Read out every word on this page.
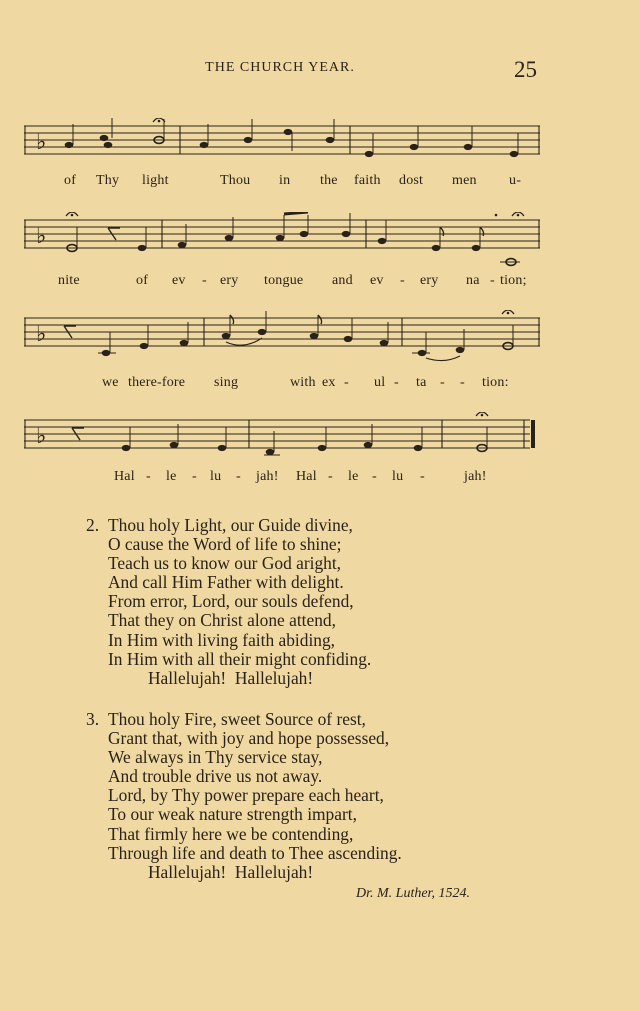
THE CHURCH YEAR.	25
♭
of Thy light	Thou in the faith dost men u-
♭
nite	of ev - ery tongue and ev - ery na - tion;
♭
we there-fore sing	with ex - ul - ta - - tion:
♭
Hal - le - lu - jah! Hal - le - lu -	jah!
2. Thou holy Light, our Guide divine,
O cause the Word of life to shine;
Teach us to know our God aright,
And call Him Father with delight.
From error, Lord, our souls defend,
That they on Christ alone attend,
In Him with living faith abiding,
In Him with all their might confiding.
Hallelujah!  Hallelujah!
3. Thou holy Fire, sweet Source of rest,
Grant that, with joy and hope possessed,
We always in Thy service stay,
And trouble drive us not away.
Lord, by Thy power prepare each heart,
To our weak nature strength impart,
That firmly here we be contending,
Through life and death to Thee ascending.
Hallelujah!  Hallelujah!
Dr. M. Luther, 1524.
